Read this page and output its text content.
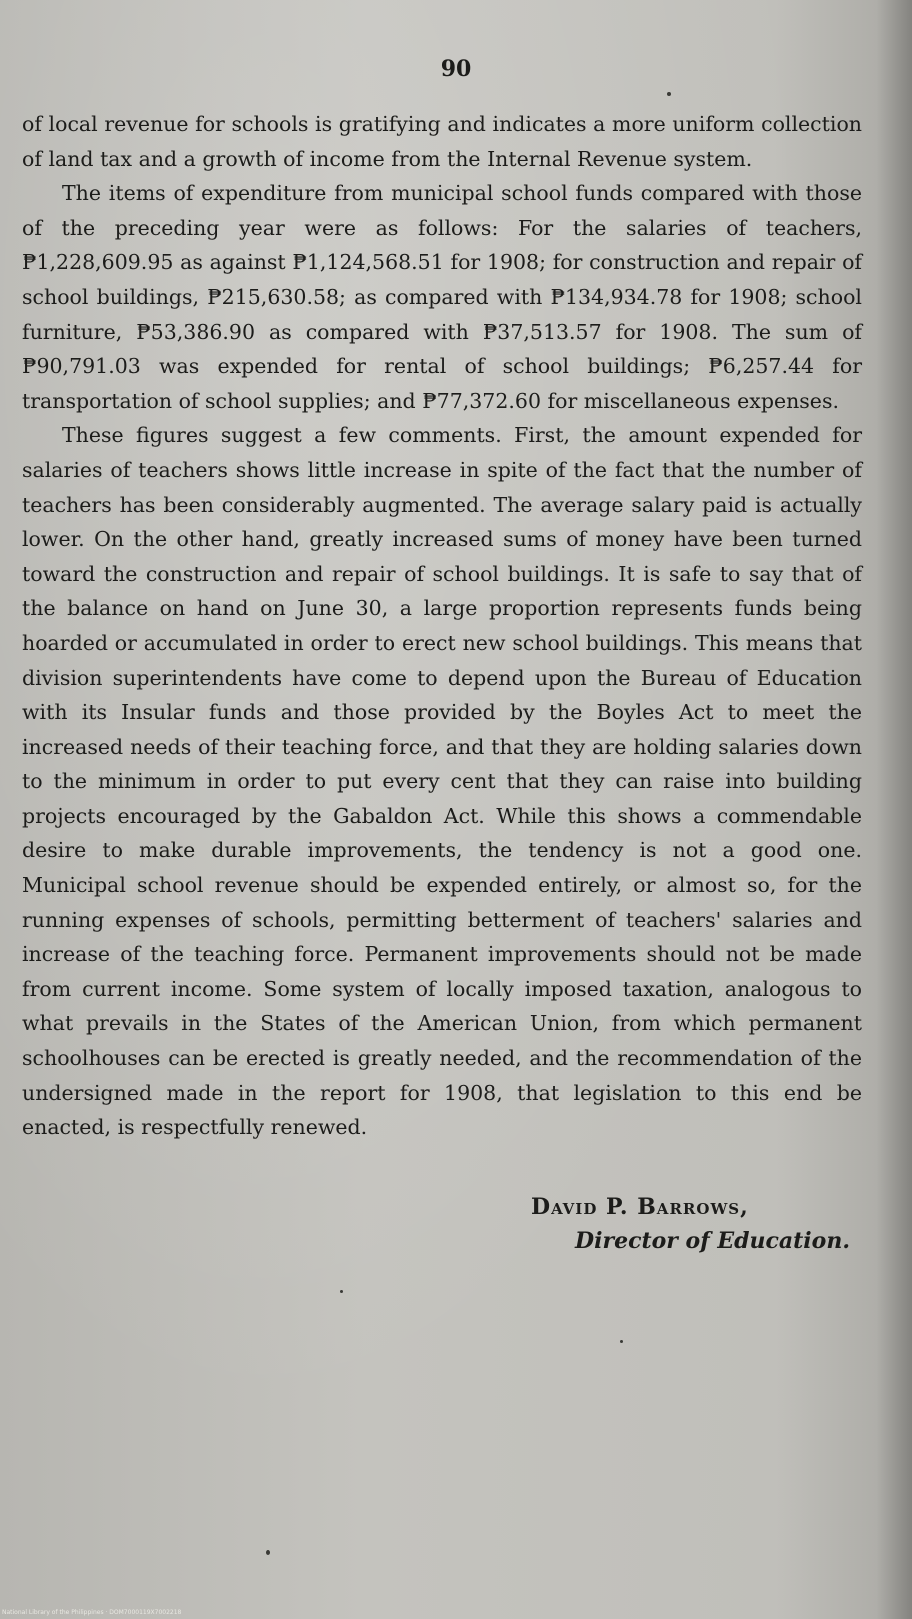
90

of local revenue for schools is gratifying and indicates a more uniform collection of land tax and a growth of income from the Internal Revenue system.

The items of expenditure from municipal school funds compared with those of the preceding year were as follows: For the salaries of teachers, ₱1,228,609.95 as against ₱1,124,568.51 for 1908; for construction and repair of school buildings, ₱215,630.58; as compared with ₱134,934.78 for 1908; school furniture, ₱53,386.90 as compared with ₱37,513.57 for 1908. The sum of ₱90,791.03 was expended for rental of school buildings; ₱6,257.44 for transportation of school supplies; and ₱77,372.60 for miscellaneous expenses.

These figures suggest a few comments. First, the amount expended for salaries of teachers shows little increase in spite of the fact that the number of teachers has been considerably augmented. The average salary paid is actually lower. On the other hand, greatly increased sums of money have been turned toward the construction and repair of school buildings. It is safe to say that of the balance on hand on June 30, a large proportion represents funds being hoarded or accumulated in order to erect new school buildings. This means that division superintendents have come to depend upon the Bureau of Education with its Insular funds and those provided by the Boyles Act to meet the increased needs of their teaching force, and that they are holding salaries down to the minimum in order to put every cent that they can raise into building projects encouraged by the Gabaldon Act. While this shows a commendable desire to make durable improvements, the tendency is not a good one. Municipal school revenue should be expended entirely, or almost so, for the running expenses of schools, permitting betterment of teachers' salaries and increase of the teaching force. Permanent improvements should not be made from current income. Some system of locally imposed taxation, analogous to what prevails in the States of the American Union, from which permanent schoolhouses can be erected is greatly needed, and the recommendation of the undersigned made in the report for 1908, that legislation to this end be enacted, is respectfully renewed.

David P. Barrows,
Director of Education.
National Library of the Philippines · DOM7000119X7002218
